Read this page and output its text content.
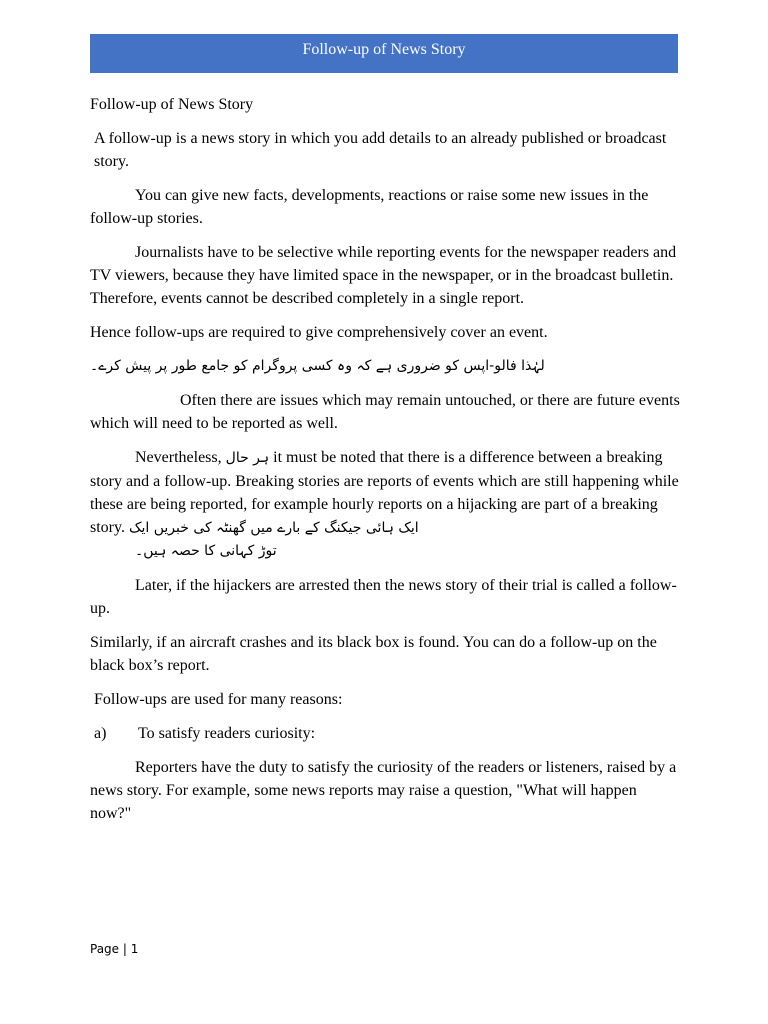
Follow-up of News Story

Follow-up of News Story

A follow-up is a news story in which you add details to an already published or broadcast story.

You can give new facts, developments, reactions or raise some new issues in the follow-up stories.

Journalists have to be selective while reporting events for the newspaper readers and TV viewers, because they have limited space in the newspaper, or in the broadcast bulletin. Therefore, events cannot be described completely in a single report.

Hence follow-ups are required to give comprehensively cover an event.

لہٰذا فالو-اپس کو ضروری ہے کہ وہ کسی پروگرام کو جامع طور پر پیش کرے۔

Often there are issues which may remain untouched, or there are future events which will need to be reported as well.

Nevertheless, ہر حال it must be noted that there is a difference between a breaking story and a follow-up. Breaking stories are reports of events which are still happening while these are being reported, for example hourly reports on a hijacking are part of a breaking story. ایک ہائی جیکنگ کے بارے میں گھنٹہ کی خبریں ایک
توڑ کہانی کا حصہ ہیں۔

Later, if the hijackers are arrested then the news story of their trial is called a follow-up.

Similarly, if an aircraft crashes and its black box is found. You can do a follow-up on the black box’s report.

Follow-ups are used for many reasons:

a)	To satisfy readers curiosity:

Reporters have the duty to satisfy the curiosity of the readers or listeners, raised by a news story. For example, some news reports may raise a question, "What will happen now?"

Page | 1
